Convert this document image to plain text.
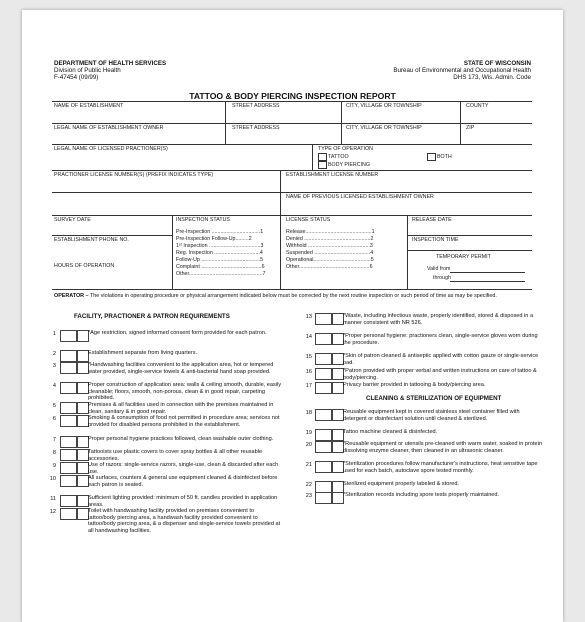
DEPARTMENT OF HEALTH SERVICES
Division of Public Health
F-47454 (09/99)
STATE OF WISCONSIN
Bureau of Environmental and Occupational Health
DHS 173, Wis. Admin. Code
TATTOO & BODY PIERCING INSPECTION REPORT
NAME OF ESTABLISHMENT	STREET ADDRESS	CITY, VILLAGE OR TOWNSHIP	COUNTY
LEGAL NAME OF ESTABLISHMENT OWNER	STREET ADDRESS	CITY, VILLAGE OR TOWNSHIP	ZIP
LEGAL NAME OF LICENSED PRACTIONER(S)	TYPE OF OPERATION
TATTOO	BOTH
BODY PIERCING
PRACTIONER LICENSE NUMBER(S) (PREFIX INDICATES TYPE)	ESTABLISHMENT LICENSE NUMBER
NAME OF PREVIOUS LICENSED ESTABLISHMENT OWNER
SURVEY DATE	INSPECTION STATUS	LICENSE STATUS	RELEASE DATE
ESTABLISHMENT PHONE NO.	INSPECTION TIME
HOURS OF OPERATION
TEMPORARY PERMIT
Valid from
through
Pre-Inspection .................................1
Pre-Inspection Follow-Up.........2
1ˢᵗ Inspection ...................................3
Reg. Inspection ...............................4
Follow-Up ........................................5
Complaint .........................................6
Other..................................................7
Release.............................................1
Denied .............................................2
Withhold ..........................................3
Suspended ......................................4
Operational.......................................5
Other................................................6
OPERATOR – The violations in operating procedure or physical arrangement indicated below must be corrected by the next routine inspection or such period of time as may be specified.
FACILITY, PRACTIONER & PATRON REQUIREMENTS
CLEANING & STERILIZATION OF EQUIPMENT
1	*Age restriction, signed informed consent form provided for each patron.
2	Establishment separate from living quarters.
3	*Handwashing facilities convenient to the application area, hot or tempered water provided, single-service towels & anti-bacterial hand soap provided.
4	Proper construction of application area: walls & ceiling smooth, durable, easily cleanable; floors, smooth, non-porous, clean & in good repair, carpeting prohibited.
5	Premises & all facilities used in connection with the premises maintained in clean, sanitary & in good repair.
6	Smoking & consumption of food not permitted in procedure area; services not provided for disabled persons prohibited in the establishment.
7	Proper personal hygiene practices followed, clean washable outer clothing.
8	Tattooists use plastic covers to cover spray bottles & all other reusable accessories.
9	Use of razors: single-service razors, single-use, clean & discarded after each use.
10	All surfaces, counters & general use equipment cleaned & disinfected before each patron is seated.
11	Sufficient lighting provided: minimum of 50 ft. candles provided in application areas.
12	Toilet with handwashing facility provided on premises convenient to tattoo/body piercing area, a handwash facility provided convenient to tattoo/body piercing area, & a dispenser and single-service towels provided at all handwashing facilities.
13	*Waste, including infectious waste, properly identified, stored & disposed in a manner consistent with NR 526.
14	*Proper personal hygiene: practioners clean, single-service gloves worn during the procedure.
15	*Skin of patron cleaned & antiseptic applied with cotton gauze or single-service pad.
16	*Patron provided with proper verbal and written instructions on care of tattoo & body/piercing.
17	Privacy barrier provided in tattooing & body/piercing area.
18	Reusable equipment kept in covered stainless steel container filled with detergent or disinfectant solution until cleaned & sterilized.
19	Tattoo machine cleaned & disinfected.
20	*Reusable equipment or utensils pre-cleaned with warm water, soaked in protein dissolving enzyme cleaner, then cleaned in an ultrasonic cleaner.
21	*Sterilization procedures follow manufacturer's instructions, heat sensitive tape used for each batch, autoclave spore tested monthly.
22	Sterilized equipment properly labeled & stored.
23	*Sterilization records including spore tests properly maintained.
